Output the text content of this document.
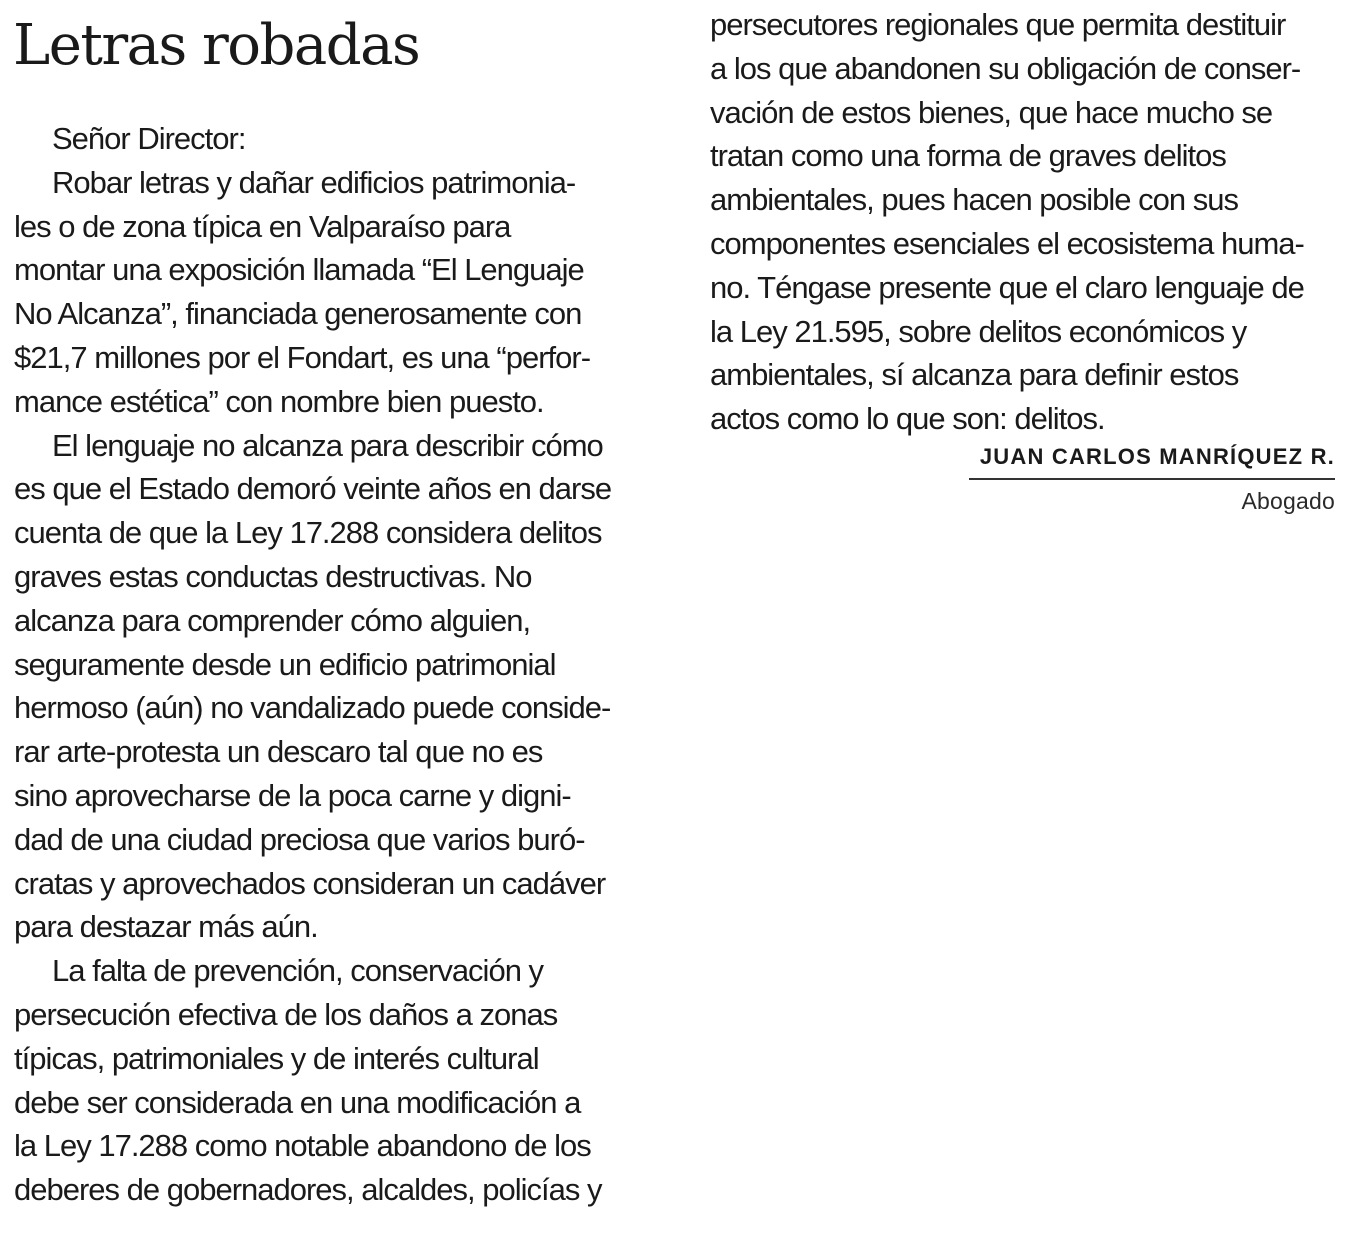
Letras robadas
Señor Director:
Robar letras y dañar edificios patrimonia-
les o de zona típica en Valparaíso para
montar una exposición llamada “El Lenguaje
No Alcanza”, financiada generosamente con
$21,7 millones por el Fondart, es una “perfor-
mance estética” con nombre bien puesto.
El lenguaje no alcanza para describir cómo
es que el Estado demoró veinte años en darse
cuenta de que la Ley 17.288 considera delitos
graves estas conductas destructivas. No
alcanza para comprender cómo alguien,
seguramente desde un edificio patrimonial
hermoso (aún) no vandalizado puede conside-
rar arte-protesta un descaro tal que no es
sino aprovecharse de la poca carne y digni-
dad de una ciudad preciosa que varios buró-
cratas y aprovechados consideran un cadáver
para destazar más aún.
La falta de prevención, conservación y
persecución efectiva de los daños a zonas
típicas, patrimoniales y de interés cultural
debe ser considerada en una modificación a
la Ley 17.288 como notable abandono de los
deberes de gobernadores, alcaldes, policías y
persecutores regionales que permita destituir
a los que abandonen su obligación de conser-
vación de estos bienes, que hace mucho se
tratan como una forma de graves delitos
ambientales, pues hacen posible con sus
componentes esenciales el ecosistema huma-
no. Téngase presente que el claro lenguaje de
la Ley 21.595, sobre delitos económicos y
ambientales, sí alcanza para definir estos
actos como lo que son: delitos.
JUAN CARLOS MANRÍQUEZ R.
Abogado
